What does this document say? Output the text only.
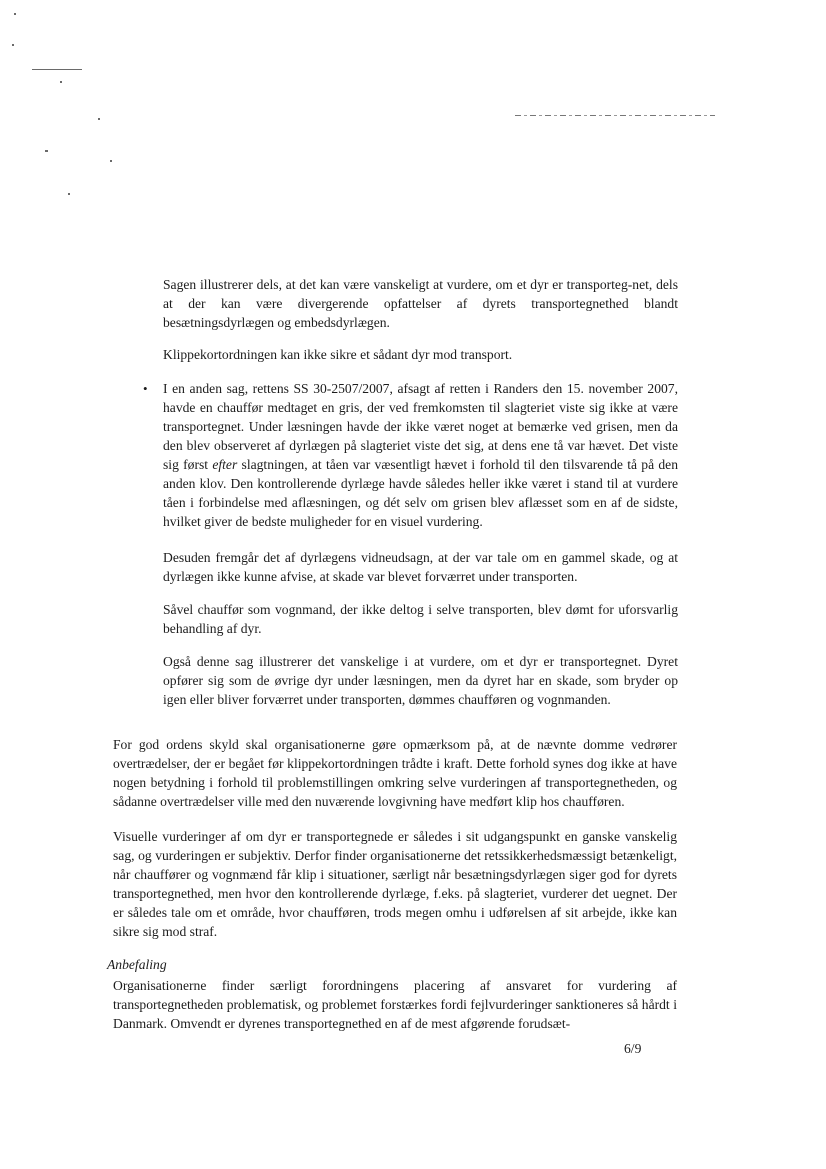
Sagen illustrerer dels, at det kan være vanskeligt at vurdere, om et dyr er transporteg-net, dels at der kan være divergerende opfattelser af dyrets transportegnethed blandt besætningsdyrlægen og embedsdyrlægen.

Klippekortordningen kan ikke sikre et sådant dyr mod transport.

• I en anden sag, rettens SS 30-2507/2007, afsagt af retten i Randers den 15. november 2007, havde en chauffør medtaget en gris, der ved fremkomsten til slagteriet viste sig ikke at være transportegnet. Under læsningen havde der ikke været noget at bemærke ved grisen, men da den blev observeret af dyrlægen på slagteriet viste det sig, at dens ene tå var hævet. Det viste sig først efter slagtningen, at tåen var væsentligt hævet i forhold til den tilsvarende tå på den anden klov. Den kontrollerende dyrlæge havde således heller ikke været i stand til at vurdere tåen i forbindelse med aflæsningen, og dét selv om grisen blev aflæsset som en af de sidste, hvilket giver de bedste muligheder for en visuel vurdering.

Desuden fremgår det af dyrlægens vidneudsagn, at der var tale om en gammel skade, og at dyrlægen ikke kunne afvise, at skade var blevet forværret under transporten.

Såvel chauffør som vognmand, der ikke deltog i selve transporten, blev dømt for uforsvarlig behandling af dyr.

Også denne sag illustrerer det vanskelige i at vurdere, om et dyr er transportegnet. Dyret opfører sig som de øvrige dyr under læsningen, men da dyret har en skade, som bryder op igen eller bliver forværret under transporten, dømmes chaufføren og vognmanden.

For god ordens skyld skal organisationerne gøre opmærksom på, at de nævnte domme vedrører overtrædelser, der er begået før klippekortordningen trådte i kraft. Dette forhold synes dog ikke at have nogen betydning i forhold til problemstillingen omkring selve vurderingen af transportegnetheden, og sådanne overtrædelser ville med den nuværende lovgivning have medført klip hos chaufføren.

Visuelle vurderinger af om dyr er transportegnede er således i sit udgangspunkt en ganske vanskelig sag, og vurderingen er subjektiv. Derfor finder organisationerne det retssikkerhedsmæssigt betænkeligt, når chauffører og vognmænd får klip i situationer, særligt når besætningsdyrlægen siger god for dyrets transportegnethed, men hvor den kontrollerende dyrlæge, f.eks. på slagteriet, vurderer det uegnet. Der er således tale om et område, hvor chaufføren, trods megen omhu i udførelsen af sit arbejde, ikke kan sikre sig mod straf.

Anbefaling

Organisationerne finder særligt forordningens placering af ansvaret for vurdering af transportegnetheden problematisk, og problemet forstærkes fordi fejlvurderinger sanktioneres så hårdt i Danmark. Omvendt er dyrenes transportegnethed en af de mest afgørende forudsæt-

6/9
